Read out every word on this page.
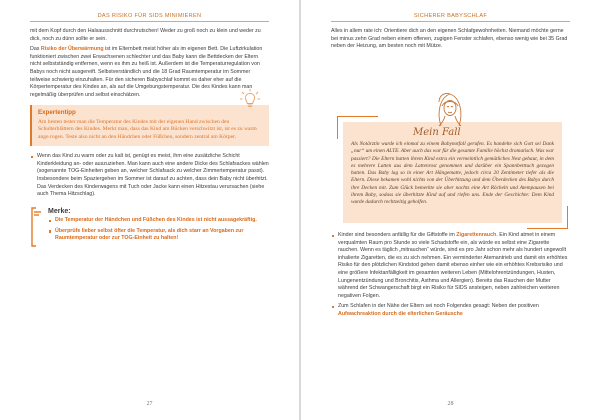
DAS RISIKO FÜR SIDS MINIMIEREN

mit dem Kopf durch den Halsausschnitt durchrutschen! Weder zu groß noch zu klein und weder zu dick, noch zu dünn sollte er sein.

Das Risiko der Überwärmung ist im Elternbett meist höher als im eigenen Bett. Die Luftzirkulation funktioniert zwischen zwei Erwachsenen schlechter und das Baby kann die Bettdecken der Eltern nicht selbstständig entfernen, wenn es ihm zu heiß ist. Außerdem ist die Temperaturregulation von Babys noch nicht ausgereift. Selbstverständlich und die 18 Grad Raumtemperatur im Sommer teilweise schwierig einzuhalten. Für den sicheren Babyschlaf kommt es daher eher auf die Körpertemperatur des Kindes an, als auf die Umgebungstemperatur. Die des Kindes kann man regelmäßig überprüfen und selbst einschätzen.

Expertentipp
Am besten tester man die Temperatur des Kindes mit der eigenen Hand zwischen den Schulterblättern des Kindes. Merkt man, dass das Kind am Rücken verschwitzt ist, ist es zu warm ange.rogen. Teste also nicht an den Händchen oder Füßchen, sondern zentral am Körper.
Wenn das Kind zu warm oder zu kalt ist, genügt es meist, ihm eine zusätzliche Schicht Kinderkleidung an- oder auszuziehen. Man kann auch eine andere Dicke des Schlafsackes wählen (sogenannte TOG-Einheiten geben an, welcher Schlafsack zu welcher Zimmertemperatur passt). Insbesondere beim Spaziergehen im Sommer ist darauf zu achten, dass dein Baby nicht überhitzt. Das Verdecken des Kinderwagens mit Tuch oder Jacke kann einen Hitzestau verursachen (siehe auch Thema Hitzschlag).
Merke:
Die Temperatur der Händchen und Füßchen des Kindes ist nicht aussagekräftig.
Überprüfe lieber selbst öfter die Temperatur, als dich starr an Vorgaben zur Raumtemperatur oder zur TOG-Einheit zu halten!
27
SICHERER BABYSCHLAF

Alles in allem rate ich: Orientiere dich an den eigenen Schlafgewohnheiten. Niemand möchte gerne bei minus zehn Grad neben einem offenen, zugigen Fenster schlafen, ebenso wenig wie bei 35 Grad neben der Heizung, am besten noch mit Mütze.

Als Notärztin wurde ich einmal zu einem Babynotfall gerufen. Es handelte sich Gott sei Dank „nur“ um einen ALTE. Aber auch das war für die gesamte Familie höchst dramatisch. Was war passiert? Die Eltern hatten ihrem Kind extra ein vermeintlich gemütliches Nest gebaut, in dem es mehrere Latten aus dem Lattenrost genommen und darüber ein Spannbetttuch gezogen hatten. Das Baby lag so in einer Art Hängematte, jedoch circa 20 Zentimeter tiefer als die Eltern. Diese bekamen wohl nichts von der Überhitzung und dem Überdecken des Babys durch ihre Decken mit. Zum Glück bemerkte sie aber nachts eine Art Röcheln und Atempausen bei ihrem Baby, sodass sie überhitzte Kind auf und riefen uns. Ende der Geschichte: Dem Kind wurde dadurch rechtzeitig geholfen.
Mein Fall
Kinder sind besonders anfällig für die Giftstoffe im Zigarettenrauch. Ein Kind atmet in einem verqualmten Raum pro Stunde so viele Schadstoffe ein, als würde es selbst eine Zigarette rauchen. Wenn es täglich „mitrauchen“ würde, sind es pro Jahr schon mehr als hundert ungewollt inhalierte Zigaretten, die es zu sich nehmen. Ein verminderter Atemantrieb und damit ein erhöhtes Risiko für den plötzlichen Kindstod gehen damit ebenso einher wie ein erhöhtes Krebsrisiko und eine größere Infektanfälligkeit im gesamten weiteren Leben (Mittelohrentzündungen, Husten, Lungenentzündung und Bronchitis, Asthma und Allergien). Bereits das Rauchen der Mutter während der Schwangerschaft birgt ein Risiko für SIDS ansteigen, neben zahlreichen weiteren negativen Folgen.
Zum Schlafen in der Nähe der Eltern sei noch Folgendes gesagt: Neben der positiven Aufwachreaktion durch die elterlichen Geräusche
28
